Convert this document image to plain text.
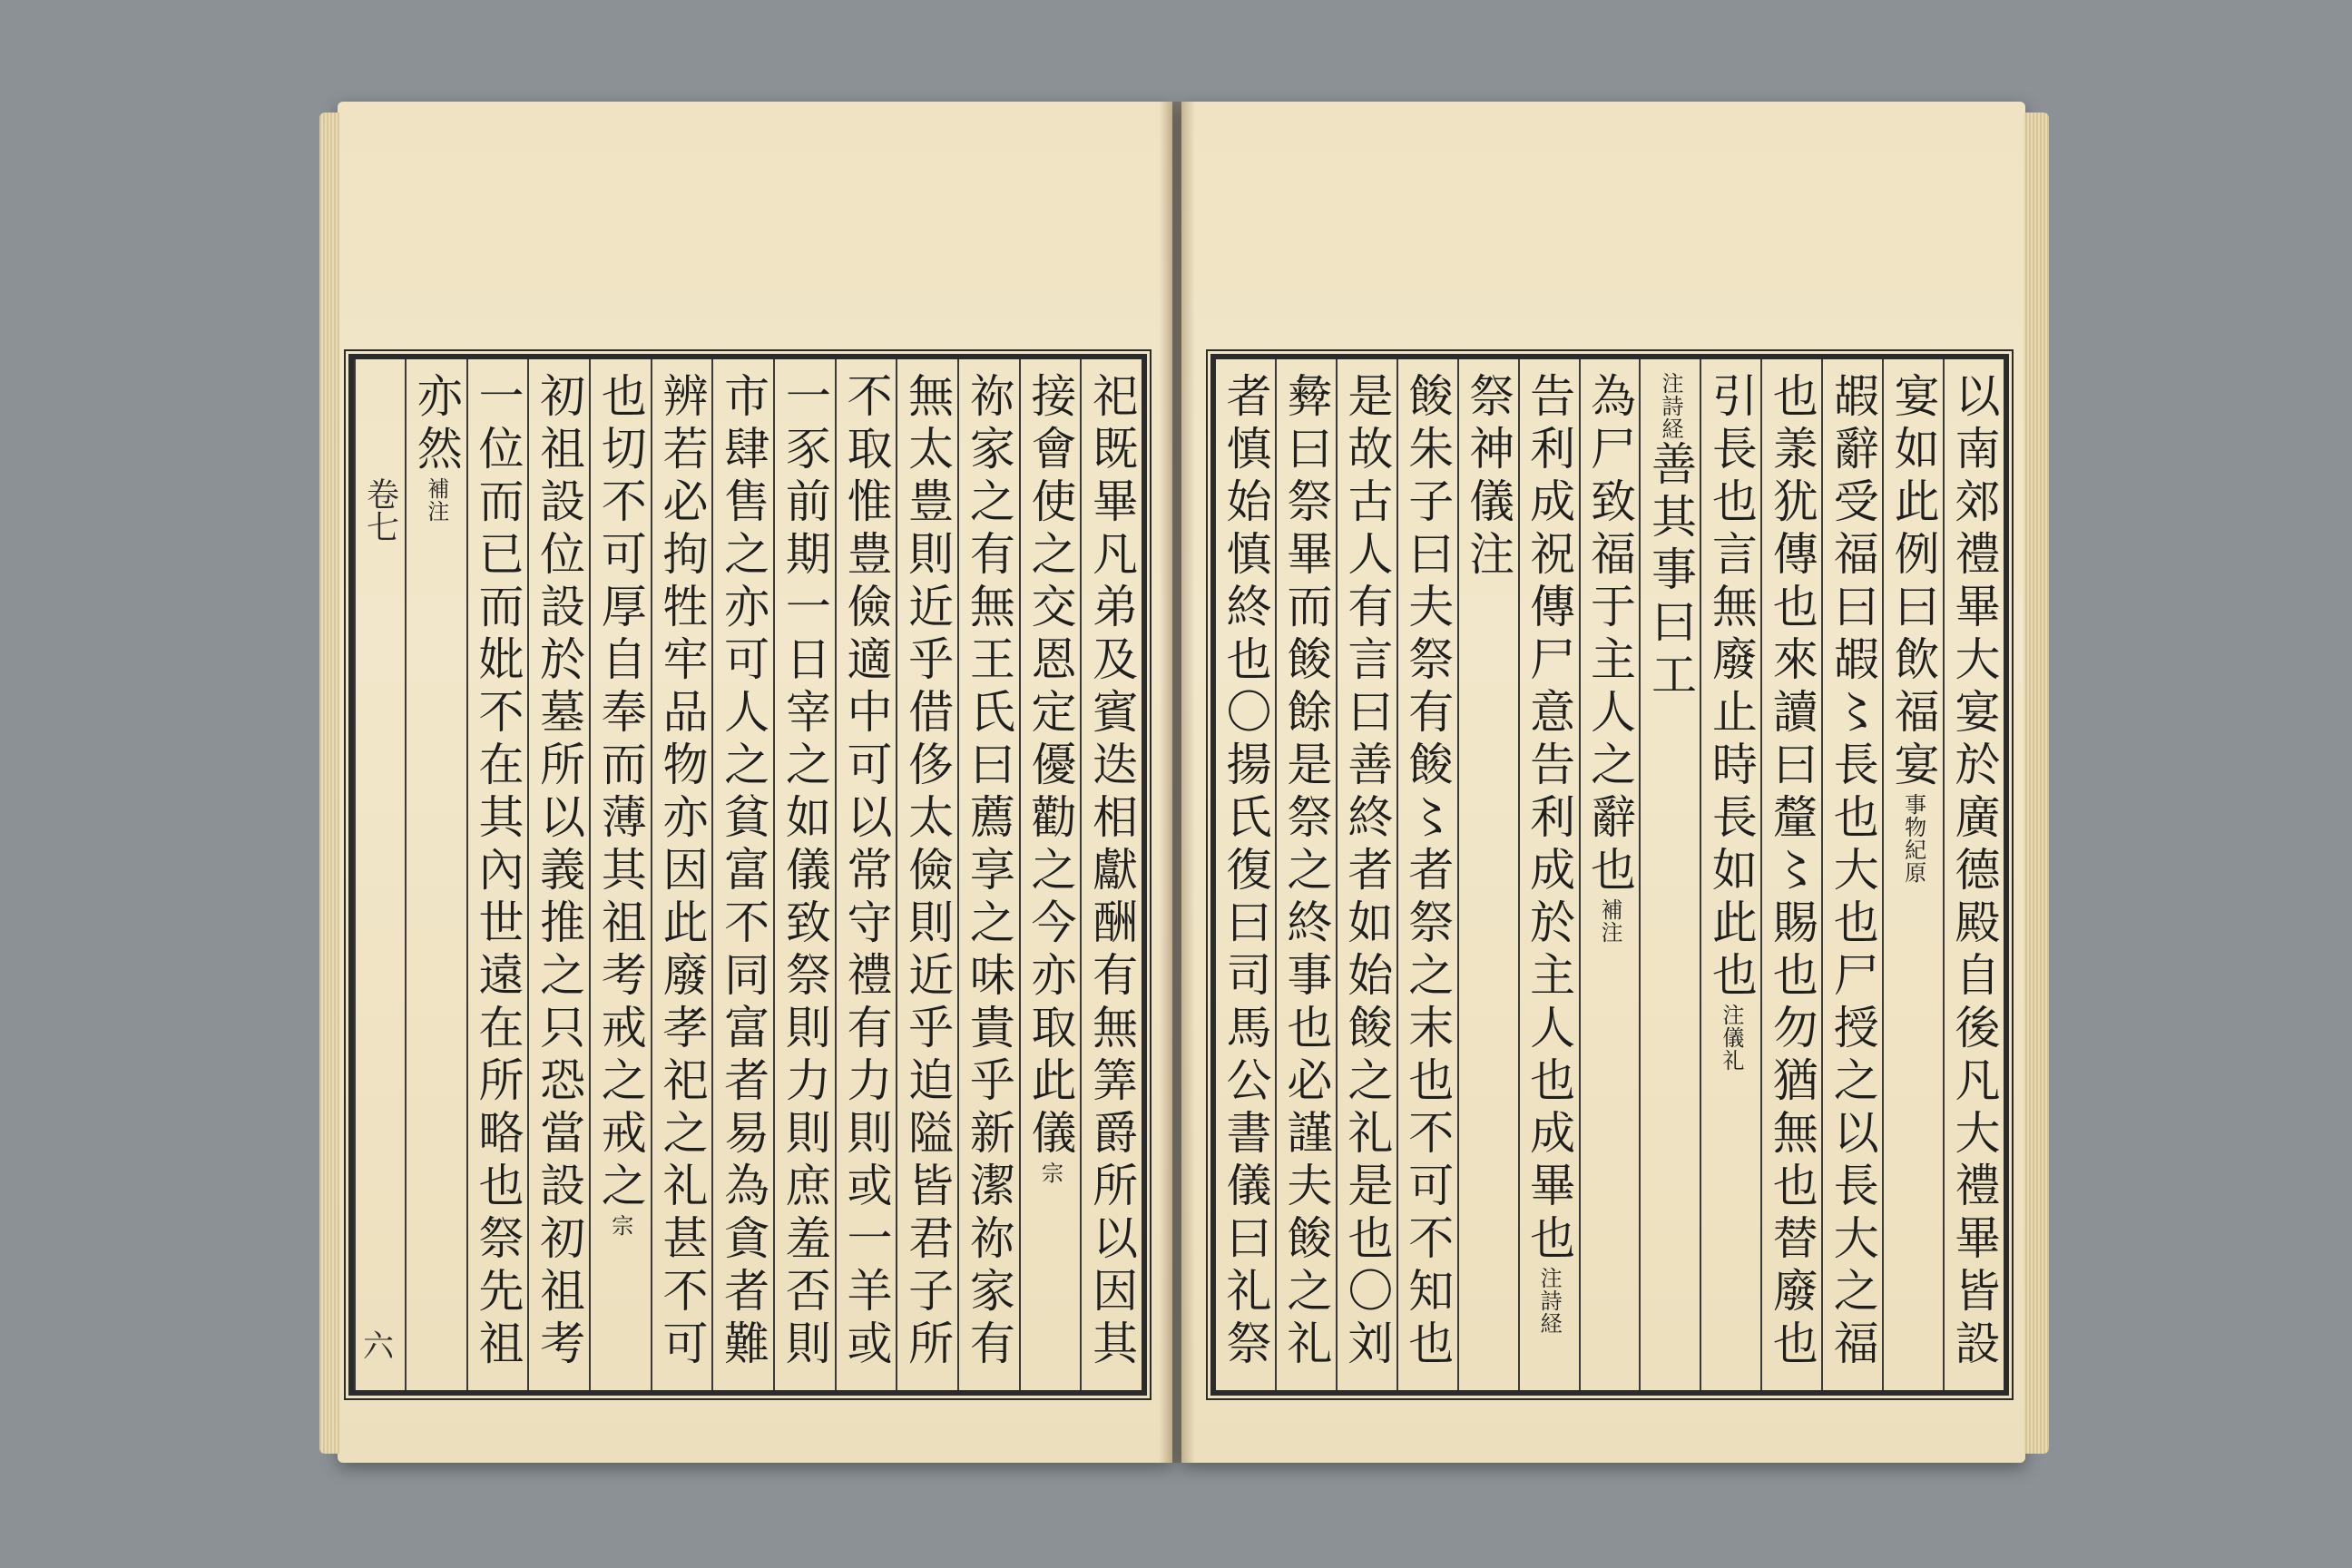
祀既畢凡弟及賓迭相獻酬有無筭爵所以因其
接會使之交恩定優勸之今亦取此儀
宗
祢家之有無王氏曰薦享之味貴乎新潔祢家有
無太豊則近乎借侈太儉則近乎迫隘皆君子所
不取惟豊儉適中可以常守禮有力則或一羊或
一豕前期一日宰之如儀致祭則力則庶羞否則
市肆售之亦可人之貧富不同富者易為貪者難
辨若必拘牲牢品物亦因此廢孝祀之礼甚不可
也切不可厚自奉而薄其祖考戒之戒之
宗
初祖設位設於墓所以義推之只恐當設初祖考
一位而已而妣不在其內世遠在所略也祭先祖
亦然
補注
卷七
六	以南郊禮畢大宴於廣德殿自後凡大禮畢皆設
宴如此例曰飲福宴
事物紀原
嘏辭受福曰嘏〻長也大也尸授之以長大之福
也羕犹傳也來讀曰釐〻賜也勿猶無也替廢也
引長也言無廢止時長如此也
注儀礼
注詩経
善其事曰工
為尸致福于主人之辭也
補注
告利成祝傳尸意告利成於主人也成畢也
注詩経
祭神儀注
餕朱子曰夫祭有餕〻者祭之末也不可不知也
是故古人有言曰善終者如始餕之礼是也〇刘
彜曰祭畢而餕餘是祭之終事也必謹夫餕之礼
者慎始慎終也〇揚氏復曰司馬公書儀曰礼祭
